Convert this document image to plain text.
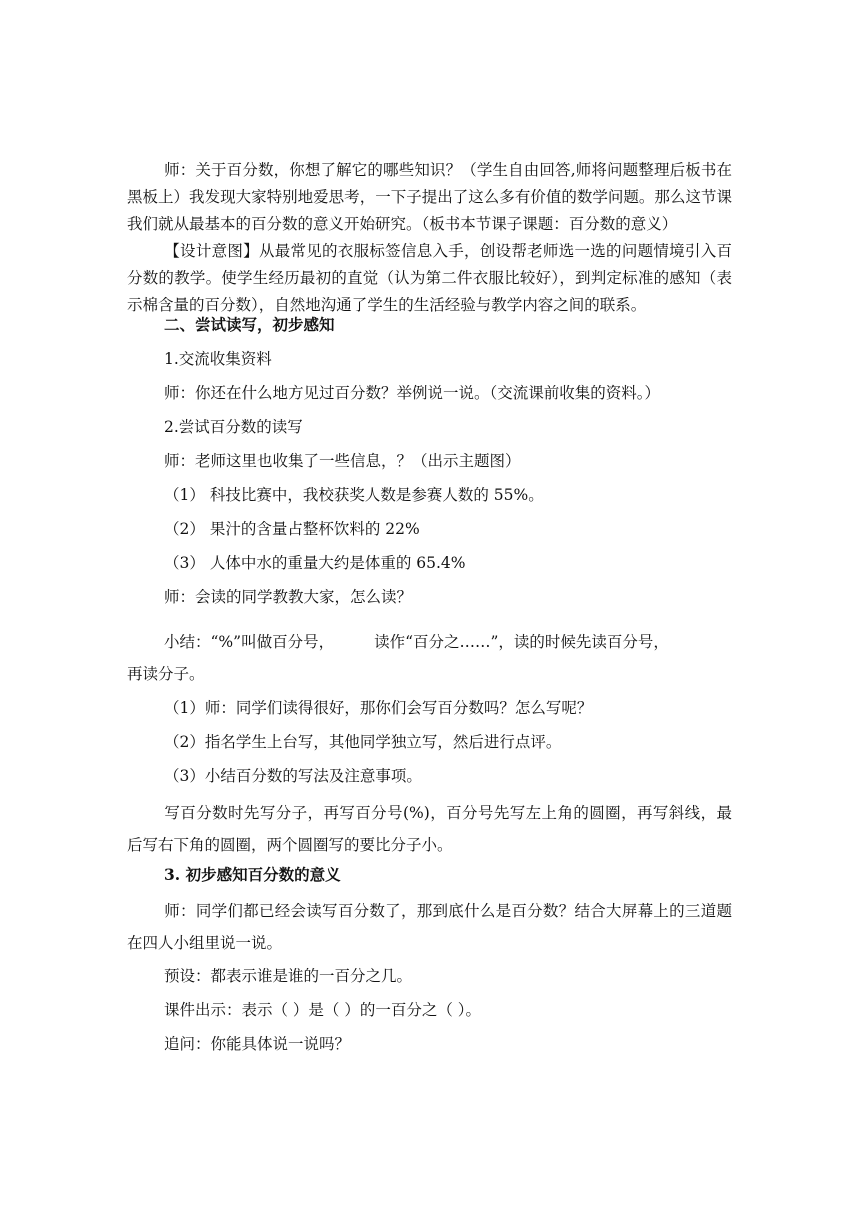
师：关于百分数，你想了解它的哪些知识？（学生自由回答,师将问题整理后板书在黑板上）我发现大家特别地爱思考，一下子提出了这么多有价值的数学问题。那么这节课我们就从最基本的百分数的意义开始研究。（板书本节课子课题：百分数的意义）

【设计意图】从最常见的衣服标签信息入手，创设帮老师选一选的问题情境引入百分数的教学。使学生经历最初的直觉（认为第二件衣服比较好），到判定标准的感知（表示棉含量的百分数），自然地沟通了学生的生活经验与教学内容之间的联系。

二、尝试读写，初步感知
1.交流收集资料
师：你还在什么地方见过百分数？举例说一说。（交流课前收集的资料。）
2.尝试百分数的读写
师：老师这里也收集了一些信息，？（出示主题图）
（1） 科技比赛中，我校获奖人数是参赛人数的 55%。
（2） 果汁的含量占整杯饮料的 22%
（3） 人体中水的重量大约是体重的 65.4%
师：会读的同学教教大家，怎么读？
小结：“%”叫做百分号，	读作“百分之……”，读的时候先读百分号，
再读分子。
（1）师：同学们读得很好，那你们会写百分数吗？怎么写呢？
（2）指名学生上台写，其他同学独立写，然后进行点评。
（3）小结百分数的写法及注意事项。

写百分数时先写分子，再写百分号(%)，百分号先写左上角的圆圈，再写斜线，最后写右下角的圆圈，两个圆圈写的要比分子小。

3. 初步感知百分数的意义

师：同学们都已经会读写百分数了，那到底什么是百分数？结合大屏幕上的三道题在四人小组里说一说。

预设：都表示谁是谁的一百分之几。
课件出示：表示（ ）是（ ）的一百分之（ ）。
追问：你能具体说一说吗？
